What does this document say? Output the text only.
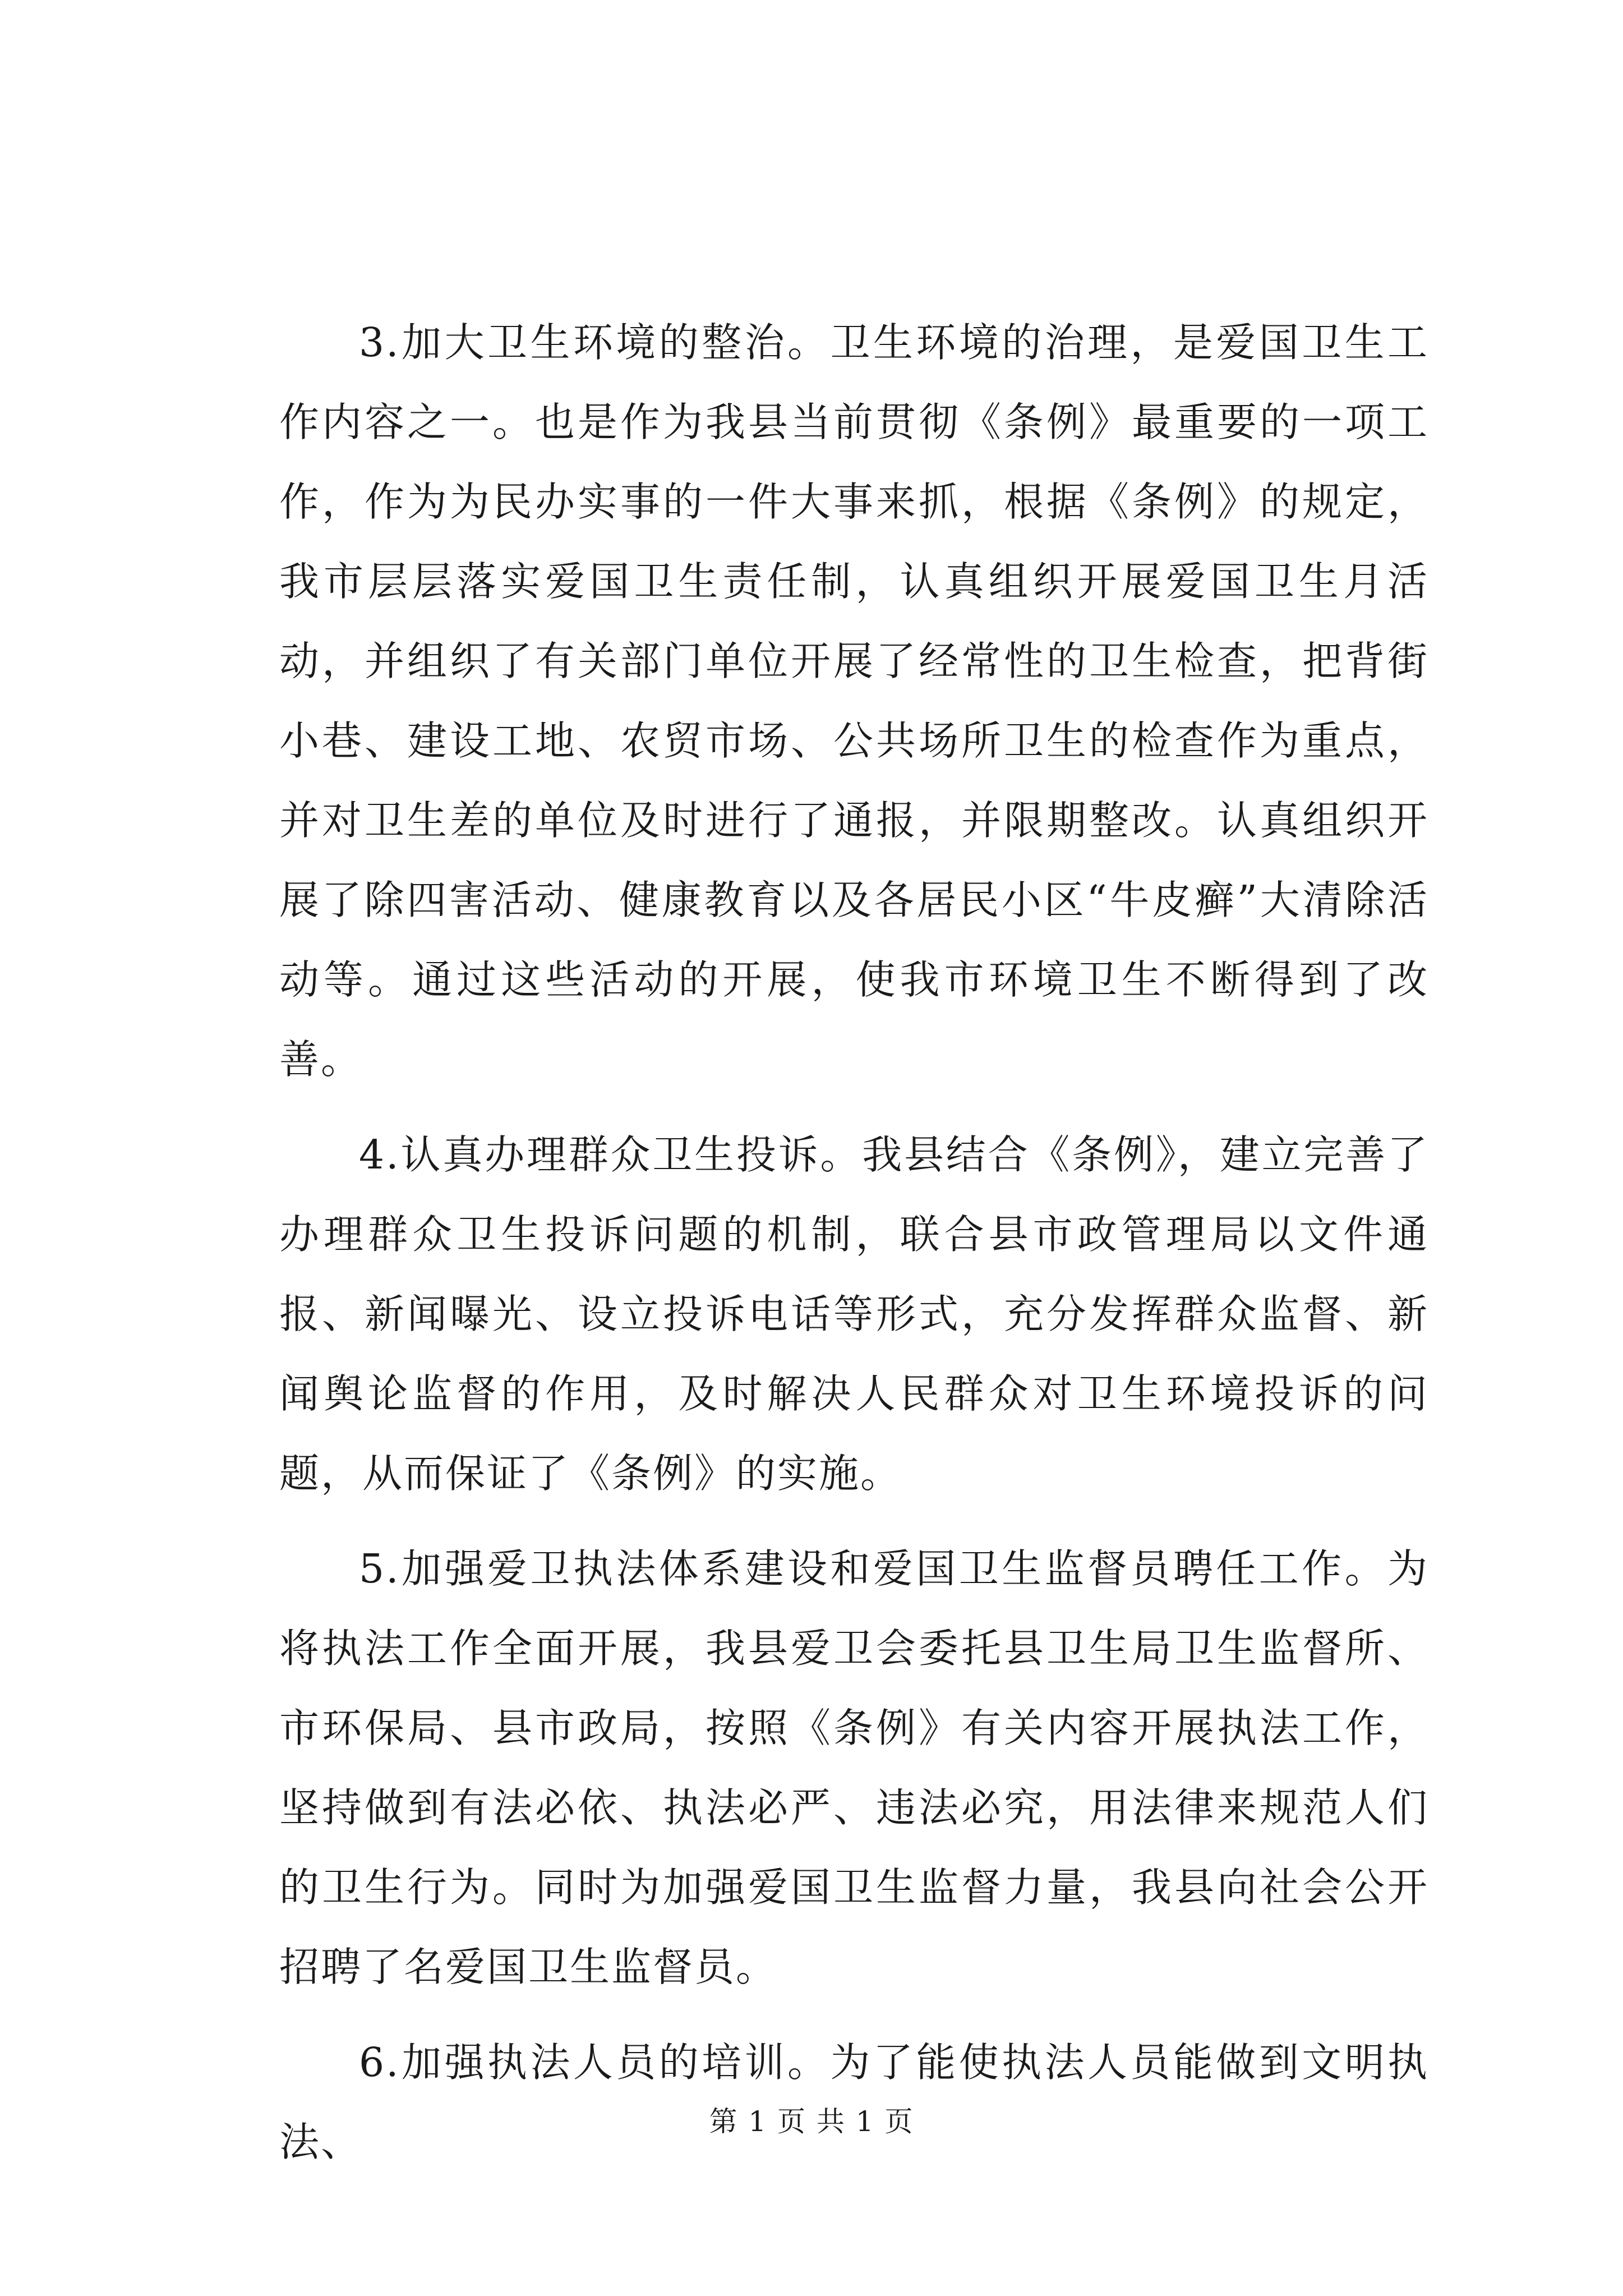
3.加大卫生环境的整治。卫生环境的治理，是爱国卫生工作内容之一。也是作为我县当前贯彻《条例》最重要的一项工作，作为为民办实事的一件大事来抓，根据《条例》的规定，我市层层落实爱国卫生责任制，认真组织开展爱国卫生月活动，并组织了有关部门单位开展了经常性的卫生检查，把背街小巷、建设工地、农贸市场、公共场所卫生的检查作为重点，并对卫生差的单位及时进行了通报，并限期整改。认真组织开展了除四害活动、健康教育以及各居民小区“牛皮癣”大清除活动等。通过这些活动的开展，使我市环境卫生不断得到了改善。

4.认真办理群众卫生投诉。我县结合《条例》，建立完善了办理群众卫生投诉问题的机制，联合县市政管理局以文件通报、新闻曝光、设立投诉电话等形式，充分发挥群众监督、新闻舆论监督的作用，及时解决人民群众对卫生环境投诉的问题，从而保证了《条例》的实施。

5.加强爱卫执法体系建设和爱国卫生监督员聘任工作。为将执法工作全面开展，我县爱卫会委托县卫生局卫生监督所、市环保局、县市政局，按照《条例》有关内容开展执法工作，坚持做到有法必依、执法必严、违法必究，用法律来规范人们的卫生行为。同时为加强爱国卫生监督力量，我县向社会公开招聘了名爱国卫生监督员。

6.加强执法人员的培训。为了能使执法人员能做到文明执法、	第 1 页 共 1 页
